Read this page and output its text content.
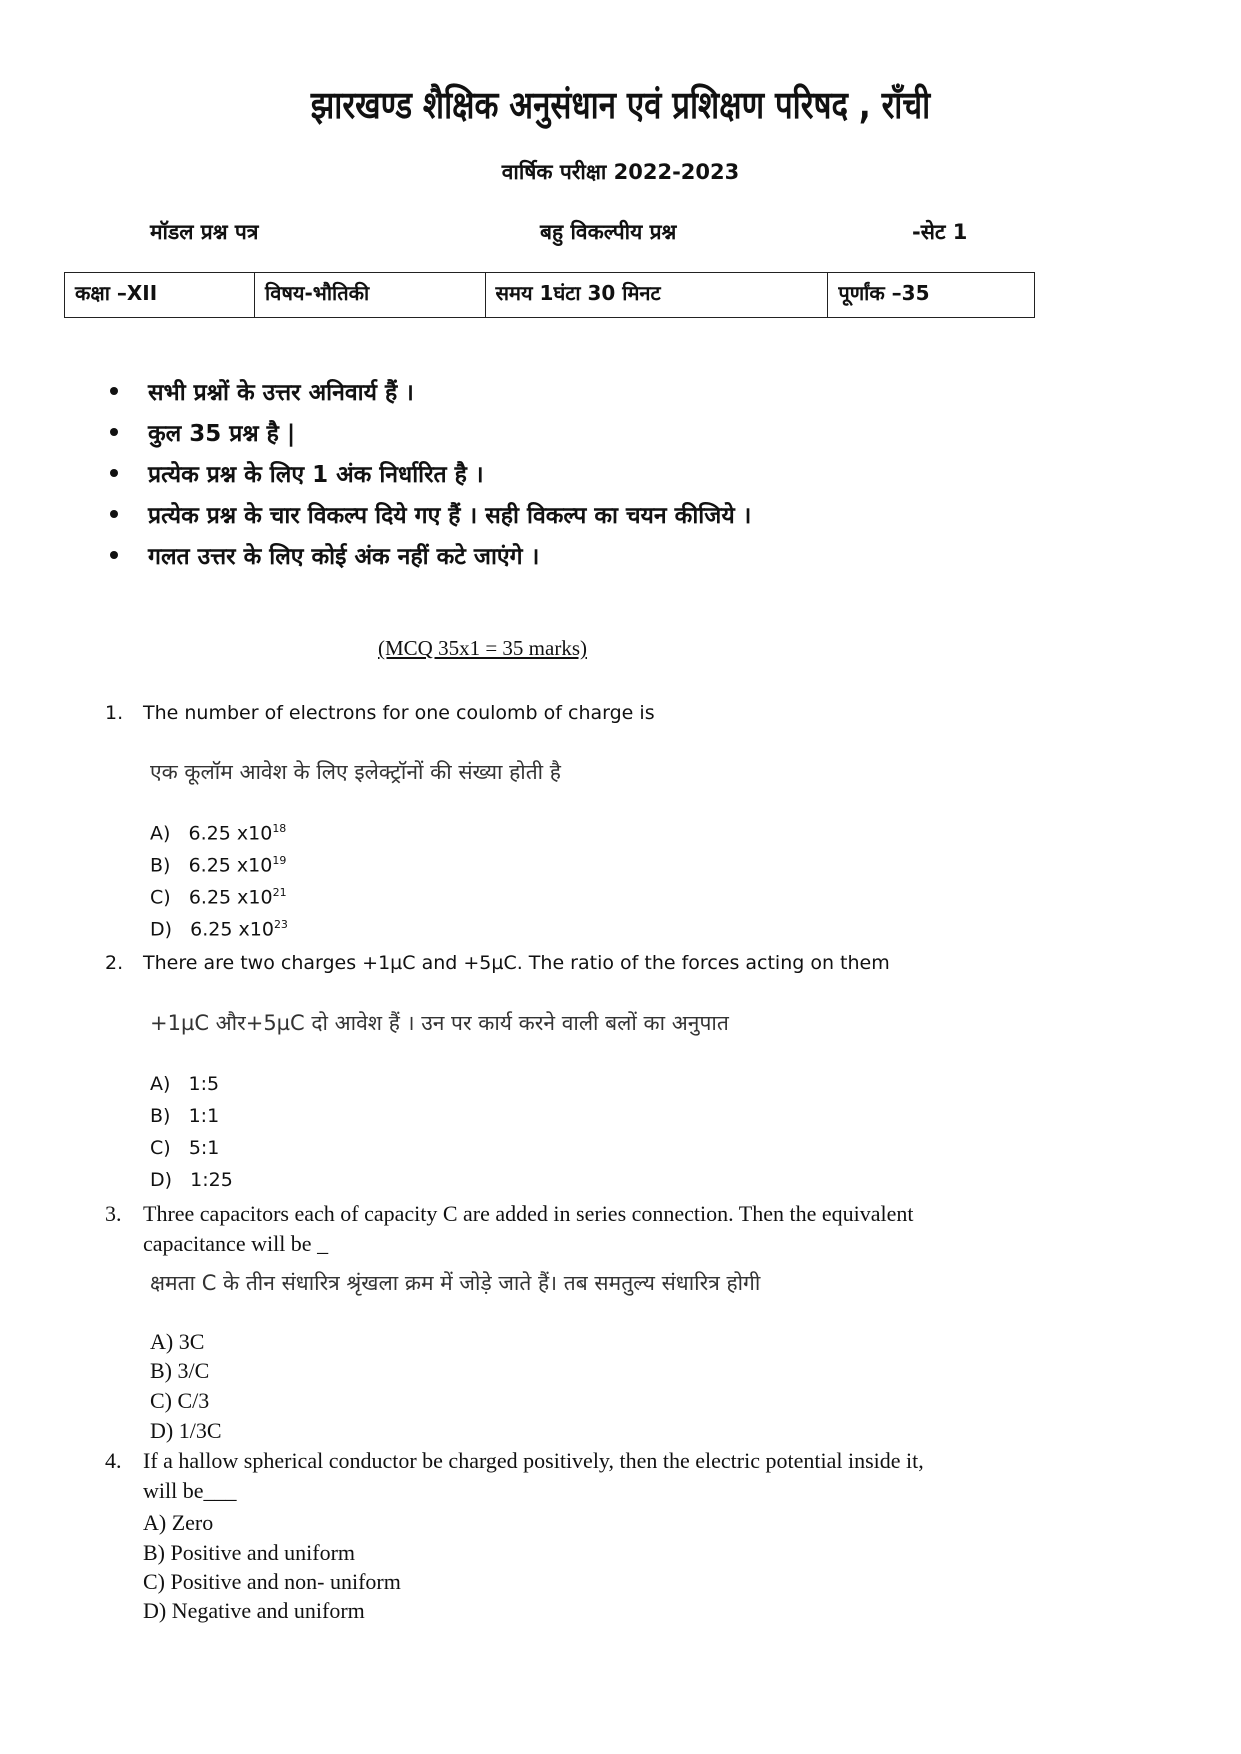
झारखण्ड शैक्षिक अनुसंधान एवं प्रशिक्षण परिषद , राँची
वार्षिक परीक्षा 2022-2023
मॉडल प्रश्न पत्र	बहु विकल्पीय प्रश्न	-सेट 1
कक्षा –XII	विषय-भौतिकी	समय 1घंटा 30 मिनट	पूर्णांक –35
सभी प्रश्नों के उत्तर अनिवार्य हैं ।
कुल 35 प्रश्न है |
प्रत्येक प्रश्न के लिए 1 अंक निर्धारित है ।
प्रत्येक प्रश्न के चार विकल्प दिये गए हैं । सही विकल्प का चयन कीजिये ।
गलत उत्तर के लिए कोई अंक नहीं कटे जाएंगे ।
(MCQ 35x1 = 35 marks)
1. The number of electrons for one coulomb of charge is
एक कूलॉम आवेश के लिए इलेक्ट्रॉनों की संख्या होती है
A) 6.25 $x10^{18}$
B) 6.25 $x10^{19}$
C) 6.25 $x10^{21}$
D) 6.25 $x10^{23}$
2. There are two charges +1µC and +5µC. The ratio of the forces acting on them
+1µC और+5µC दो आवेश हैं । उन पर कार्य करने वाली बलों का अनुपात
A) 1:5
B) 1:1
C) 5:1
D) 1:25
3. Three capacitors each of capacity C are added in series connection. Then the equivalent
capacitance will be _
क्षमता C के तीन संधारित्र श्रृंखला क्रम में जोड़े जाते हैं। तब समतुल्य संधारित्र होगी
A) 3C
B) 3/C
C) C/3
D) 1/3C
4. If a hallow spherical conductor be charged positively, then the electric potential inside it,
will be___
A) Zero
B) Positive and uniform
C) Positive and non- uniform
D) Negative and uniform
